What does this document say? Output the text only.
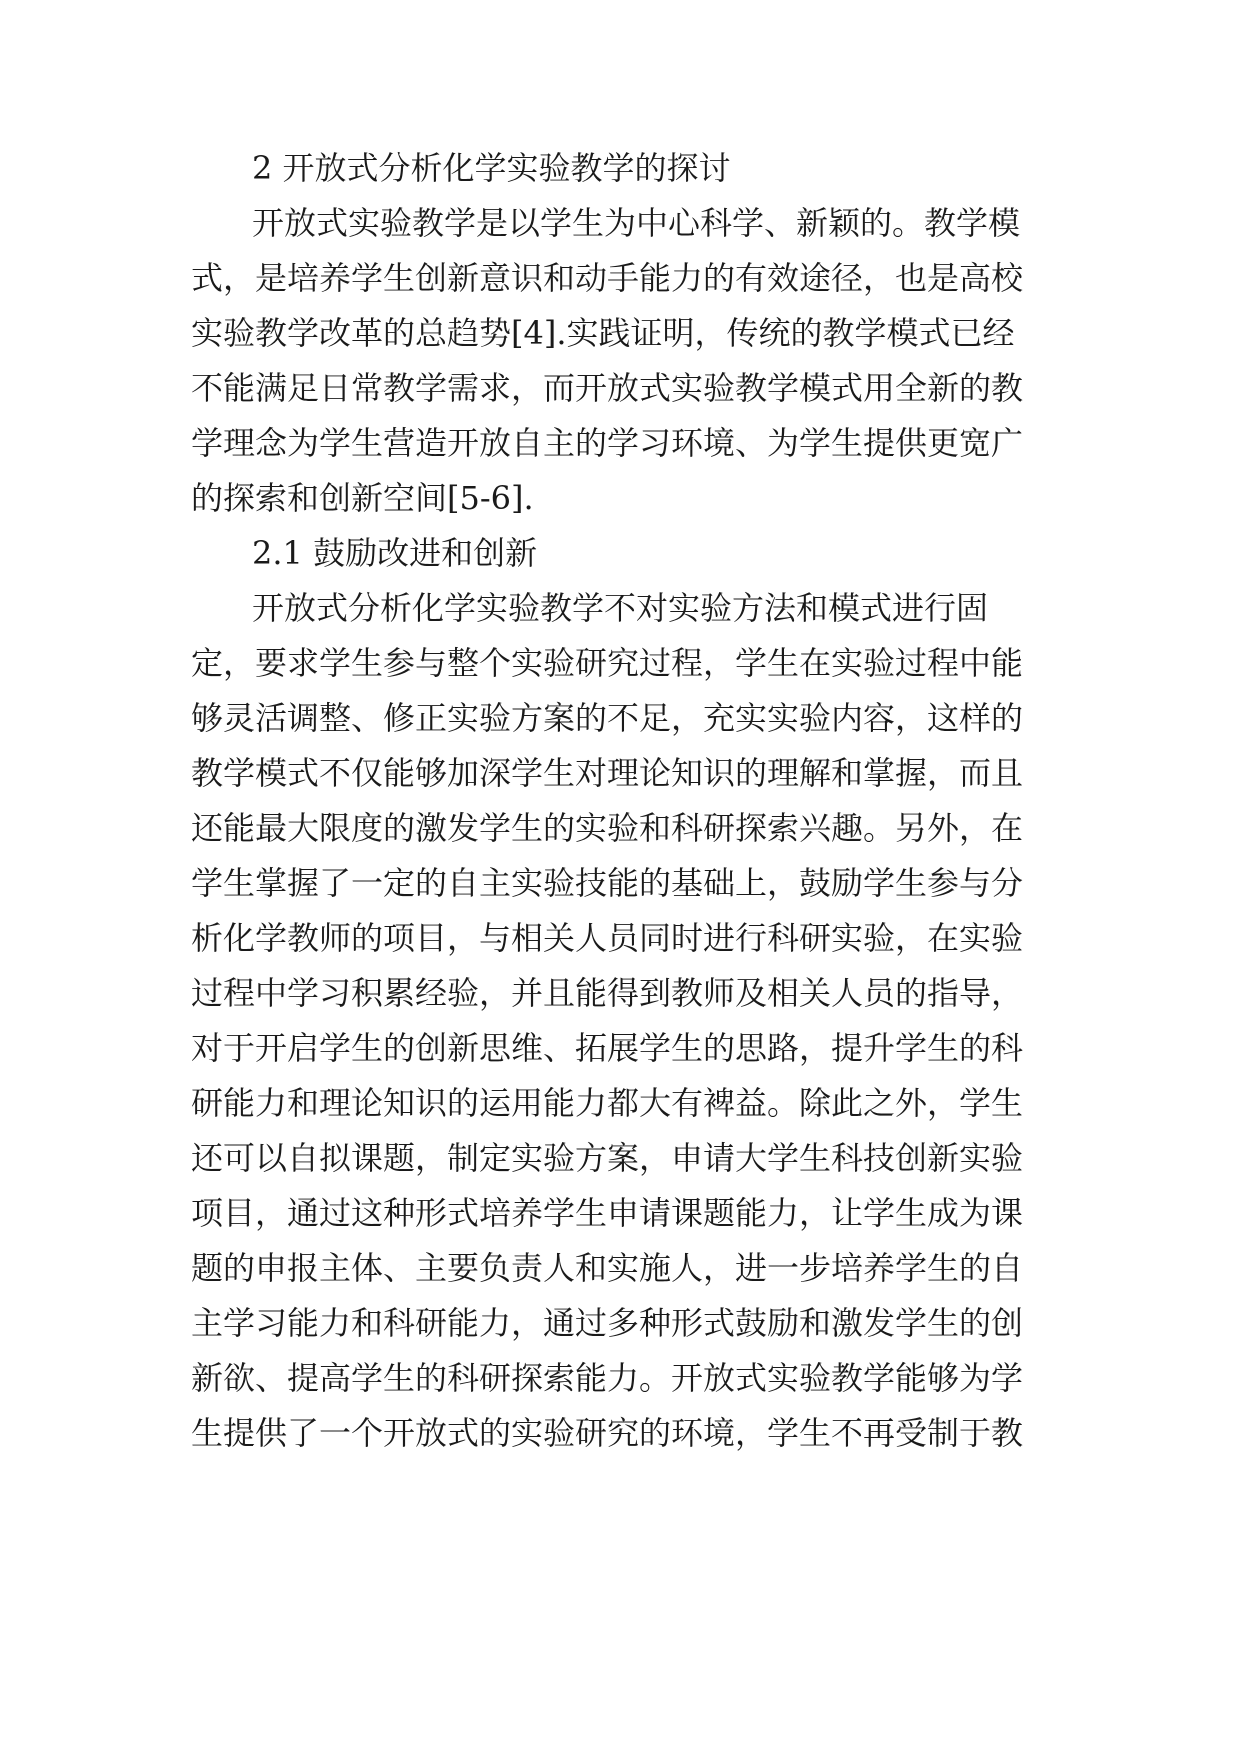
2 开放式分析化学实验教学的探讨

开放式实验教学是以学生为中心科学、新颖的。教学模

式，是培养学生创新意识和动手能力的有效途径，也是高校

实验教学改革的总趋势[4].实践证明，传统的教学模式已经

不能满足日常教学需求，而开放式实验教学模式用全新的教

学理念为学生营造开放自主的学习环境、为学生提供更宽广

的探索和创新空间[5-6].

2.1 鼓励改进和创新

开放式分析化学实验教学不对实验方法和模式进行固

定，要求学生参与整个实验研究过程，学生在实验过程中能

够灵活调整、修正实验方案的不足，充实实验内容，这样的

教学模式不仅能够加深学生对理论知识的理解和掌握，而且

还能最大限度的激发学生的实验和科研探索兴趣。另外，在

学生掌握了一定的自主实验技能的基础上，鼓励学生参与分

析化学教师的项目，与相关人员同时进行科研实验，在实验

过程中学习积累经验，并且能得到教师及相关人员的指导，

对于开启学生的创新思维、拓展学生的思路，提升学生的科

研能力和理论知识的运用能力都大有裨益。除此之外，学生

还可以自拟课题，制定实验方案，申请大学生科技创新实验

项目，通过这种形式培养学生申请课题能力，让学生成为课

题的申报主体、主要负责人和实施人，进一步培养学生的自

主学习能力和科研能力，通过多种形式鼓励和激发学生的创

新欲、提高学生的科研探索能力。开放式实验教学能够为学

生提供了一个开放式的实验研究的环境，学生不再受制于教
